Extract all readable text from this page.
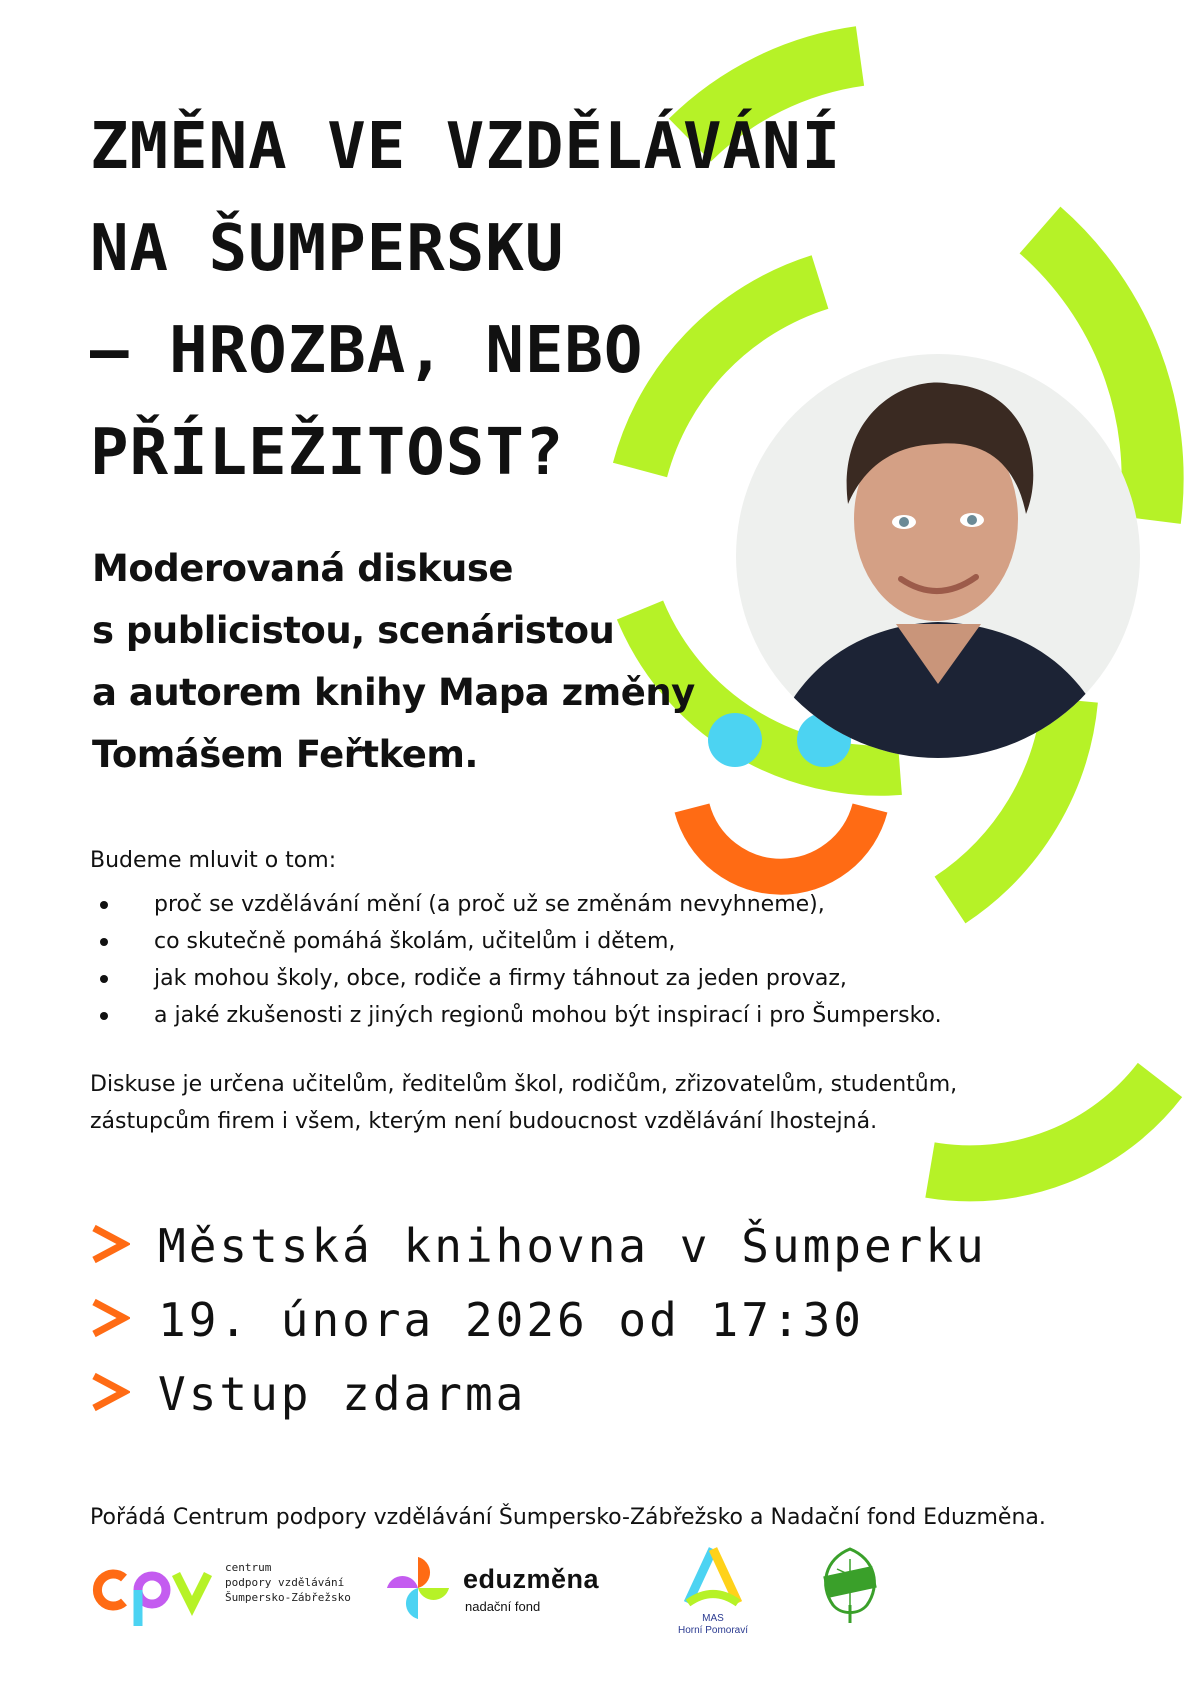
ZMĚNA VE VZDĚLÁVÁNÍ
NA ŠUMPERSKU
– HROZBA, NEBO
PŘÍLEŽITOST?

Moderovaná diskuse
s publicistou, scenáristou
a autorem knihy Mapa změny
Tomášem Feřtkem.

Budeme mluvit o tom:

proč se vzdělávání mění (a proč už se změnám nevyhneme),
co skutečně pomáhá školám, učitelům i dětem,
jak mohou školy, obce, rodiče a firmy táhnout za jeden provaz,
a jaké zkušenosti z jiných regionů mohou být inspirací i pro Šumpersko.

Diskuse je určena učitelům, ředitelům škol, rodičům, zřizovatelům, studentům,
zástupcům firem i všem, kterým není budoucnost vzdělávání lhostejná.

Městská knihovna v Šumperku
19. února 2026 od 17:30
Vstup zdarma

Pořádá Centrum podpory vzdělávání Šumpersko-Zábřežsko a Nadační fond Eduzměna.

centrum
podpory vzdělávání
Šumpersko-Zábřežsko
eduzměna
nadační fond
MAS
Horní Pomoraví
